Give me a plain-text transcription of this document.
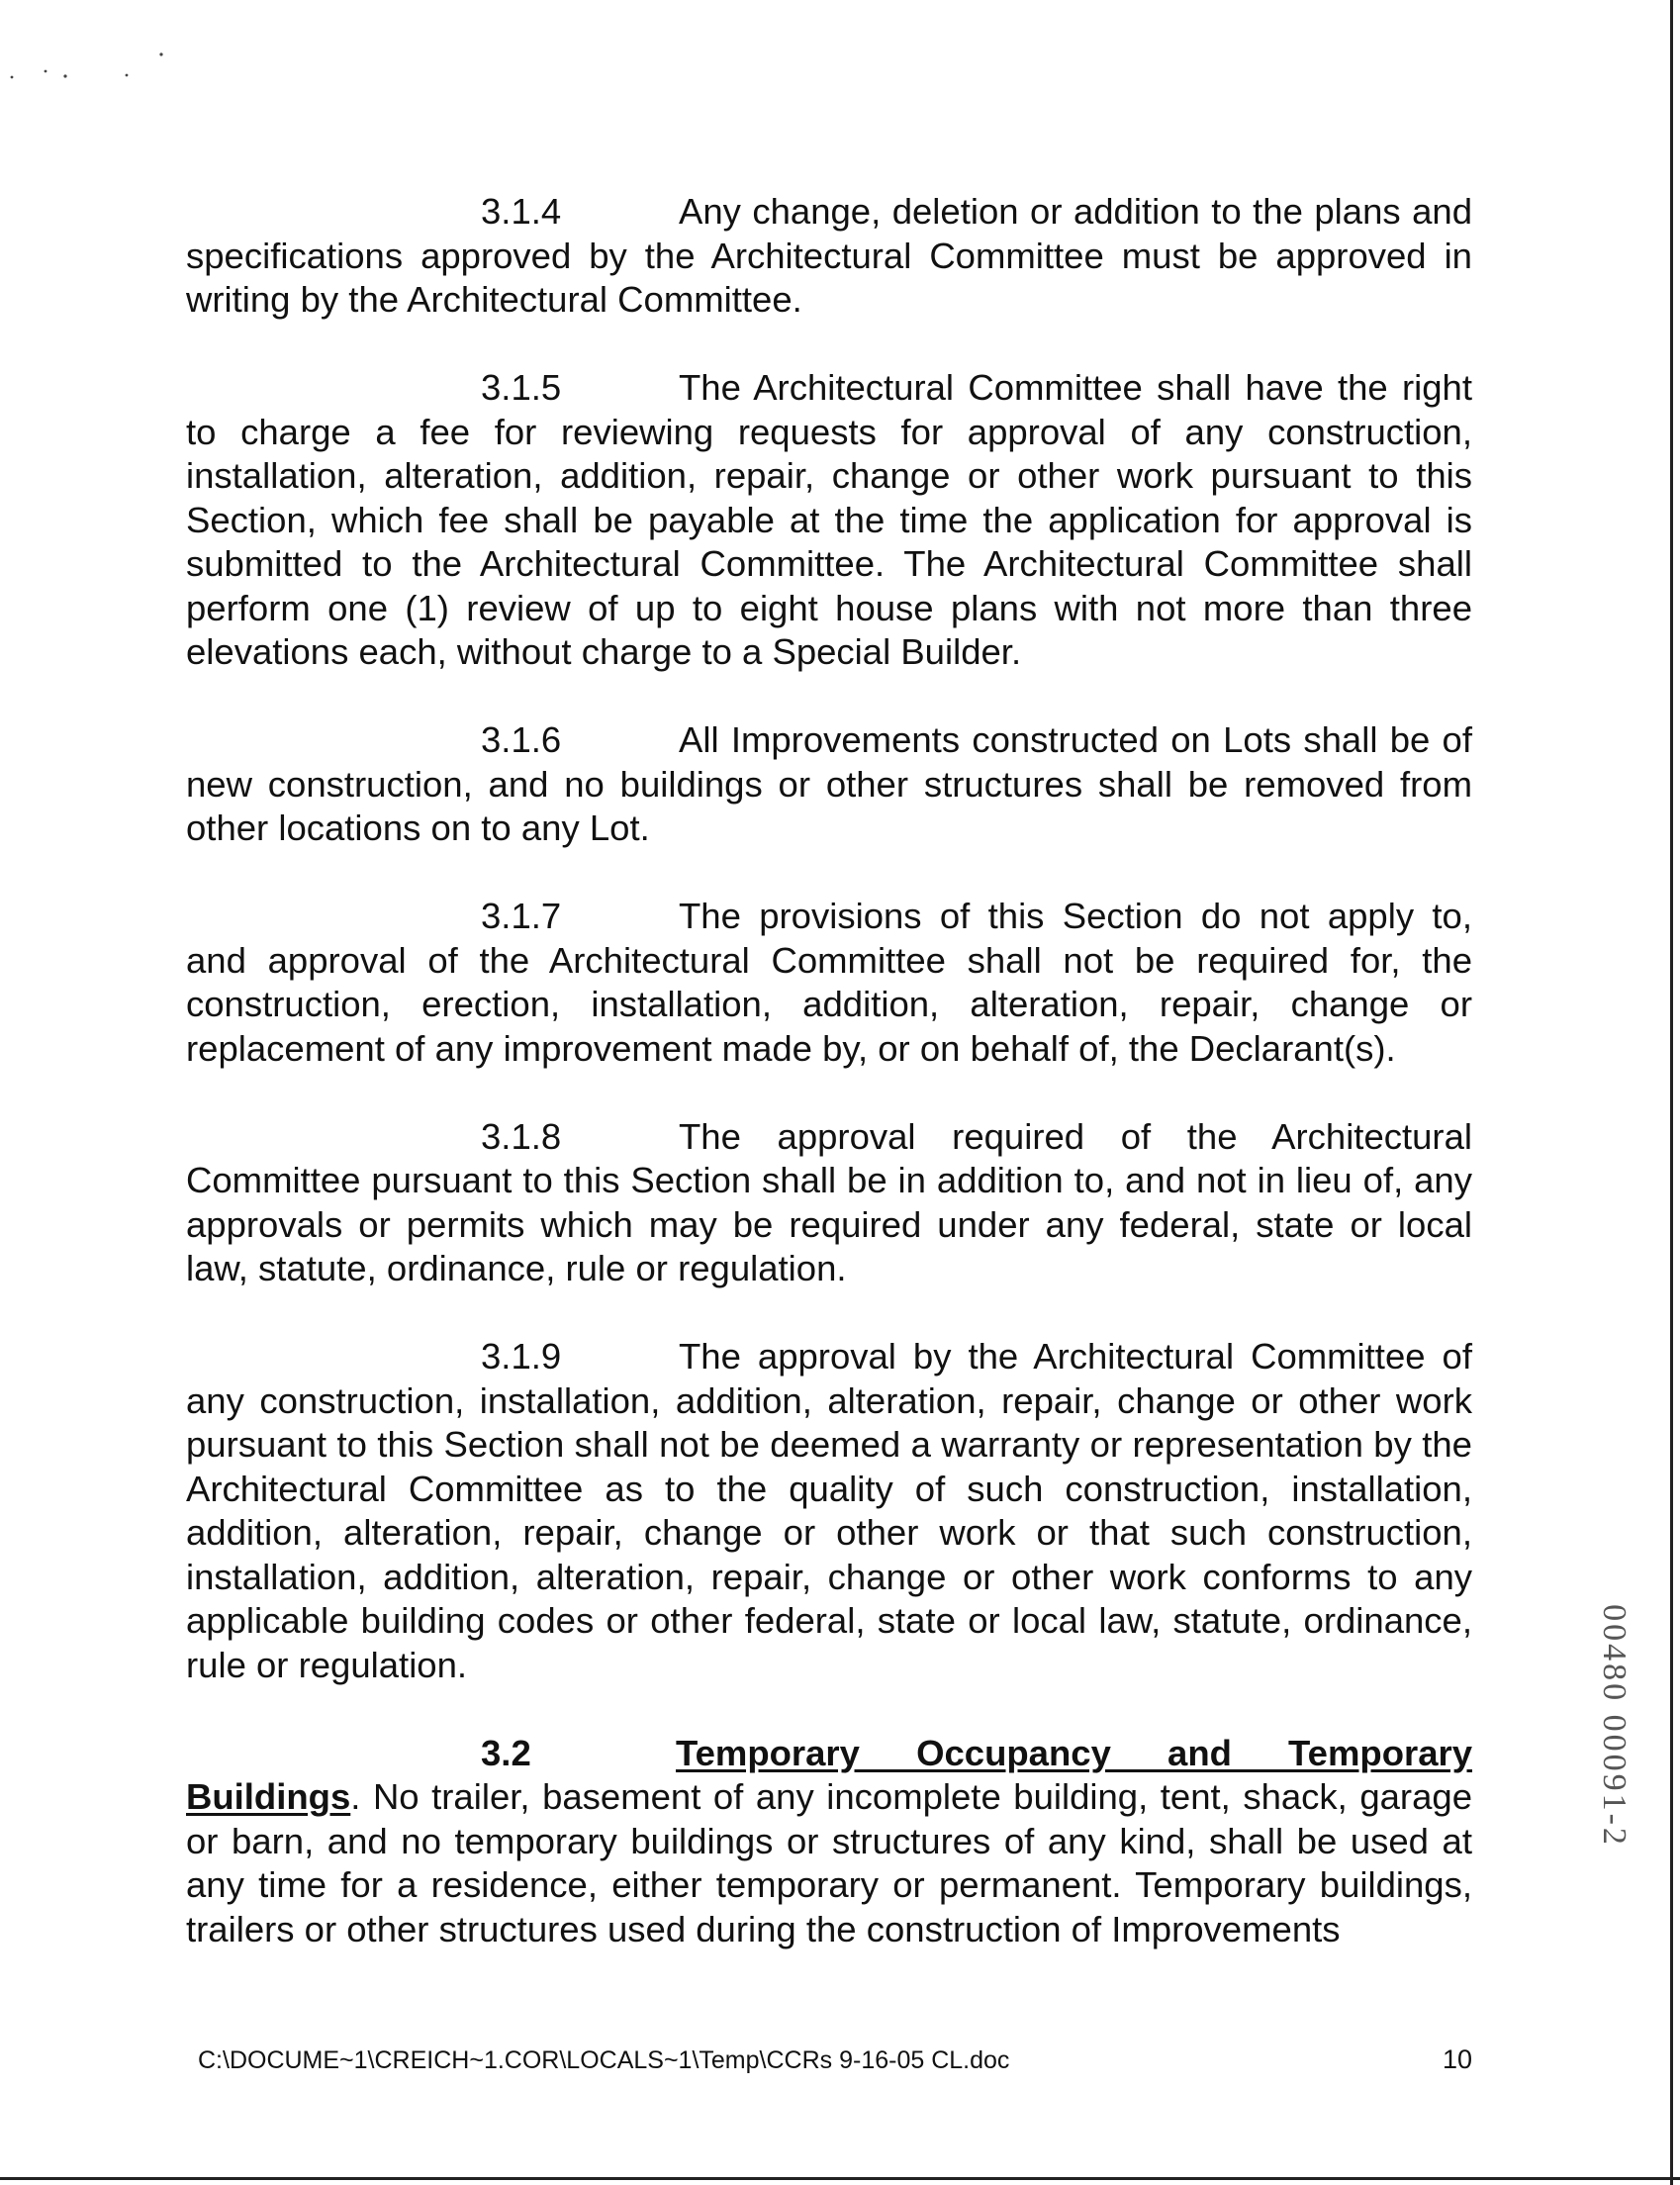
3.1.4	Any change, deletion or addition to the plans and specifications approved by the Architectural Committee must be approved in writing by the Architectural Committee.

3.1.5	The Architectural Committee shall have the right to charge a fee for reviewing requests for approval of any construction, installation, alteration, addition, repair, change or other work pursuant to this Section, which fee shall be payable at the time the application for approval is submitted to the Architectural Committee. The Architectural Committee shall perform one (1) review of up to eight house plans with not more than three elevations each, without charge to a Special Builder.

3.1.6	All Improvements constructed on Lots shall be of new construction, and no buildings or other structures shall be removed from other locations on to any Lot.

3.1.7	The provisions of this Section do not apply to, and approval of the Architectural Committee shall not be required for, the construction, erection, installation, addition, alteration, repair, change or replacement of any improvement made by, or on behalf of, the Declarant(s).

3.1.8	The approval required of the Architectural Committee pursuant to this Section shall be in addition to, and not in lieu of, any approvals or permits which may be required under any federal, state or local law, statute, ordinance, rule or regulation.

3.1.9	The approval by the Architectural Committee of any construction, installation, addition, alteration, repair, change or other work pursuant to this Section shall not be deemed a warranty or representation by the Architectural Committee as to the quality of such construction, installation, addition, alteration, repair, change or other work or that such construction, installation, addition, alteration, repair, change or other work conforms to any applicable building codes or other federal, state or local law, statute, ordinance, rule or regulation.

3.2	Temporary Occupancy and Temporary Buildings. No trailer, basement of any incomplete building, tent, shack, garage or barn, and no temporary buildings or structures of any kind, shall be used at any time for a residence, either temporary or permanent. Temporary buildings, trailers or other structures used during the construction of Improvements

00480 00091-2
C:\DOCUME~1\CREICH~1.COR\LOCALS~1\Temp\CCRs 9-16-05 CL.doc	10
